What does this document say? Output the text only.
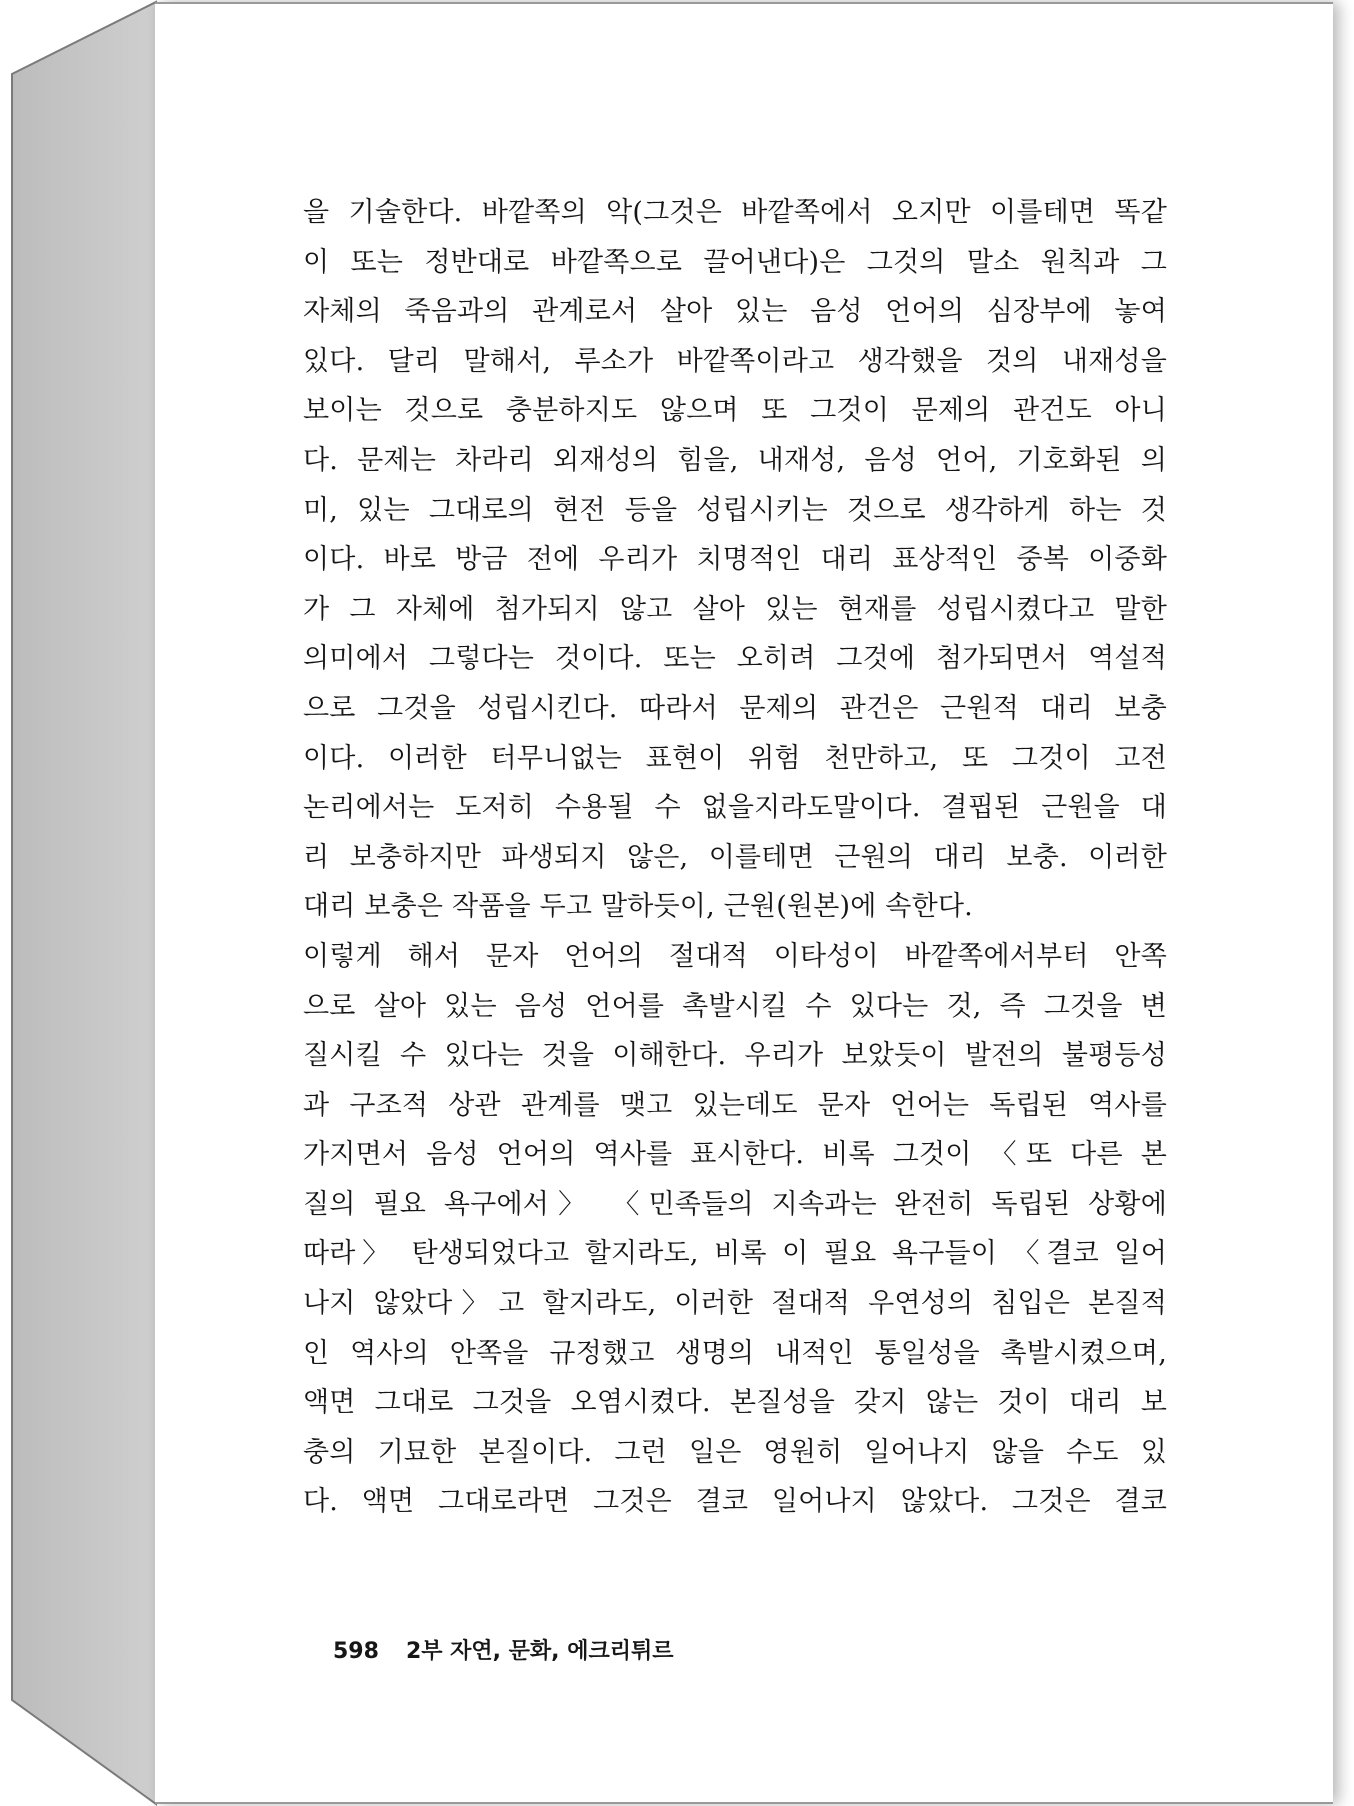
을 기술한다. 바깥쪽의 악(그것은 바깥쪽에서 오지만 이를테면 똑같
이 또는 정반대로 바깥쪽으로 끌어낸다)은 그것의 말소 원칙과 그
자체의 죽음과의 관계로서 살아 있는 음성 언어의 심장부에 놓여
있다. 달리 말해서, 루소가 바깥쪽이라고 생각했을 것의 내재성을
보이는 것으로 충분하지도 않으며 또 그것이 문제의 관건도 아니
다. 문제는 차라리 외재성의 힘을, 내재성, 음성 언어, 기호화된 의
미, 있는 그대로의 현전 등을 성립시키는 것으로 생각하게 하는 것
이다. 바로 방금 전에 우리가 치명적인 대리 표상적인 중복 이중화
가 그 자체에 첨가되지 않고 살아 있는 현재를 성립시켰다고 말한
의미에서 그렇다는 것이다. 또는 오히려 그것에 첨가되면서 역설적
으로 그것을 성립시킨다. 따라서 문제의 관건은 근원적 대리 보충
이다. 이러한 터무니없는 표현이 위험 천만하고, 또 그것이 고전
논리에서는 도저히 수용될 수 없을지라도말이다. 결핍된 근원을 대
리 보충하지만 파생되지 않은, 이를테면 근원의 대리 보충. 이러한
대리 보충은 작품을 두고 말하듯이, 근원(원본)에 속한다.
이렇게 해서 문자 언어의 절대적 이타성이 바깥쪽에서부터 안쪽
으로 살아 있는 음성 언어를 촉발시킬 수 있다는 것, 즉 그것을 변
질시킬 수 있다는 것을 이해한다. 우리가 보았듯이 발전의 불평등성
과 구조적 상관 관계를 맺고 있는데도 문자 언어는 독립된 역사를
가지면서 음성 언어의 역사를 표시한다. 비록 그것이 〈또 다른 본
질의 필요 욕구에서〉 〈민족들의 지속과는 완전히 독립된 상황에
따라〉 탄생되었다고 할지라도, 비록 이 필요 욕구들이 〈결코 일어
나지 않았다〉고 할지라도, 이러한 절대적 우연성의 침입은 본질적
인 역사의 안쪽을 규정했고 생명의 내적인 통일성을 촉발시켰으며,
액면 그대로 그것을 오염시켰다. 본질성을 갖지 않는 것이 대리 보
충의 기묘한 본질이다. 그런 일은 영원히 일어나지 않을 수도 있
다. 액면 그대로라면 그것은 결코 일어나지 않았다. 그것은 결코
598 2부 자연, 문화, 에크리튀르
